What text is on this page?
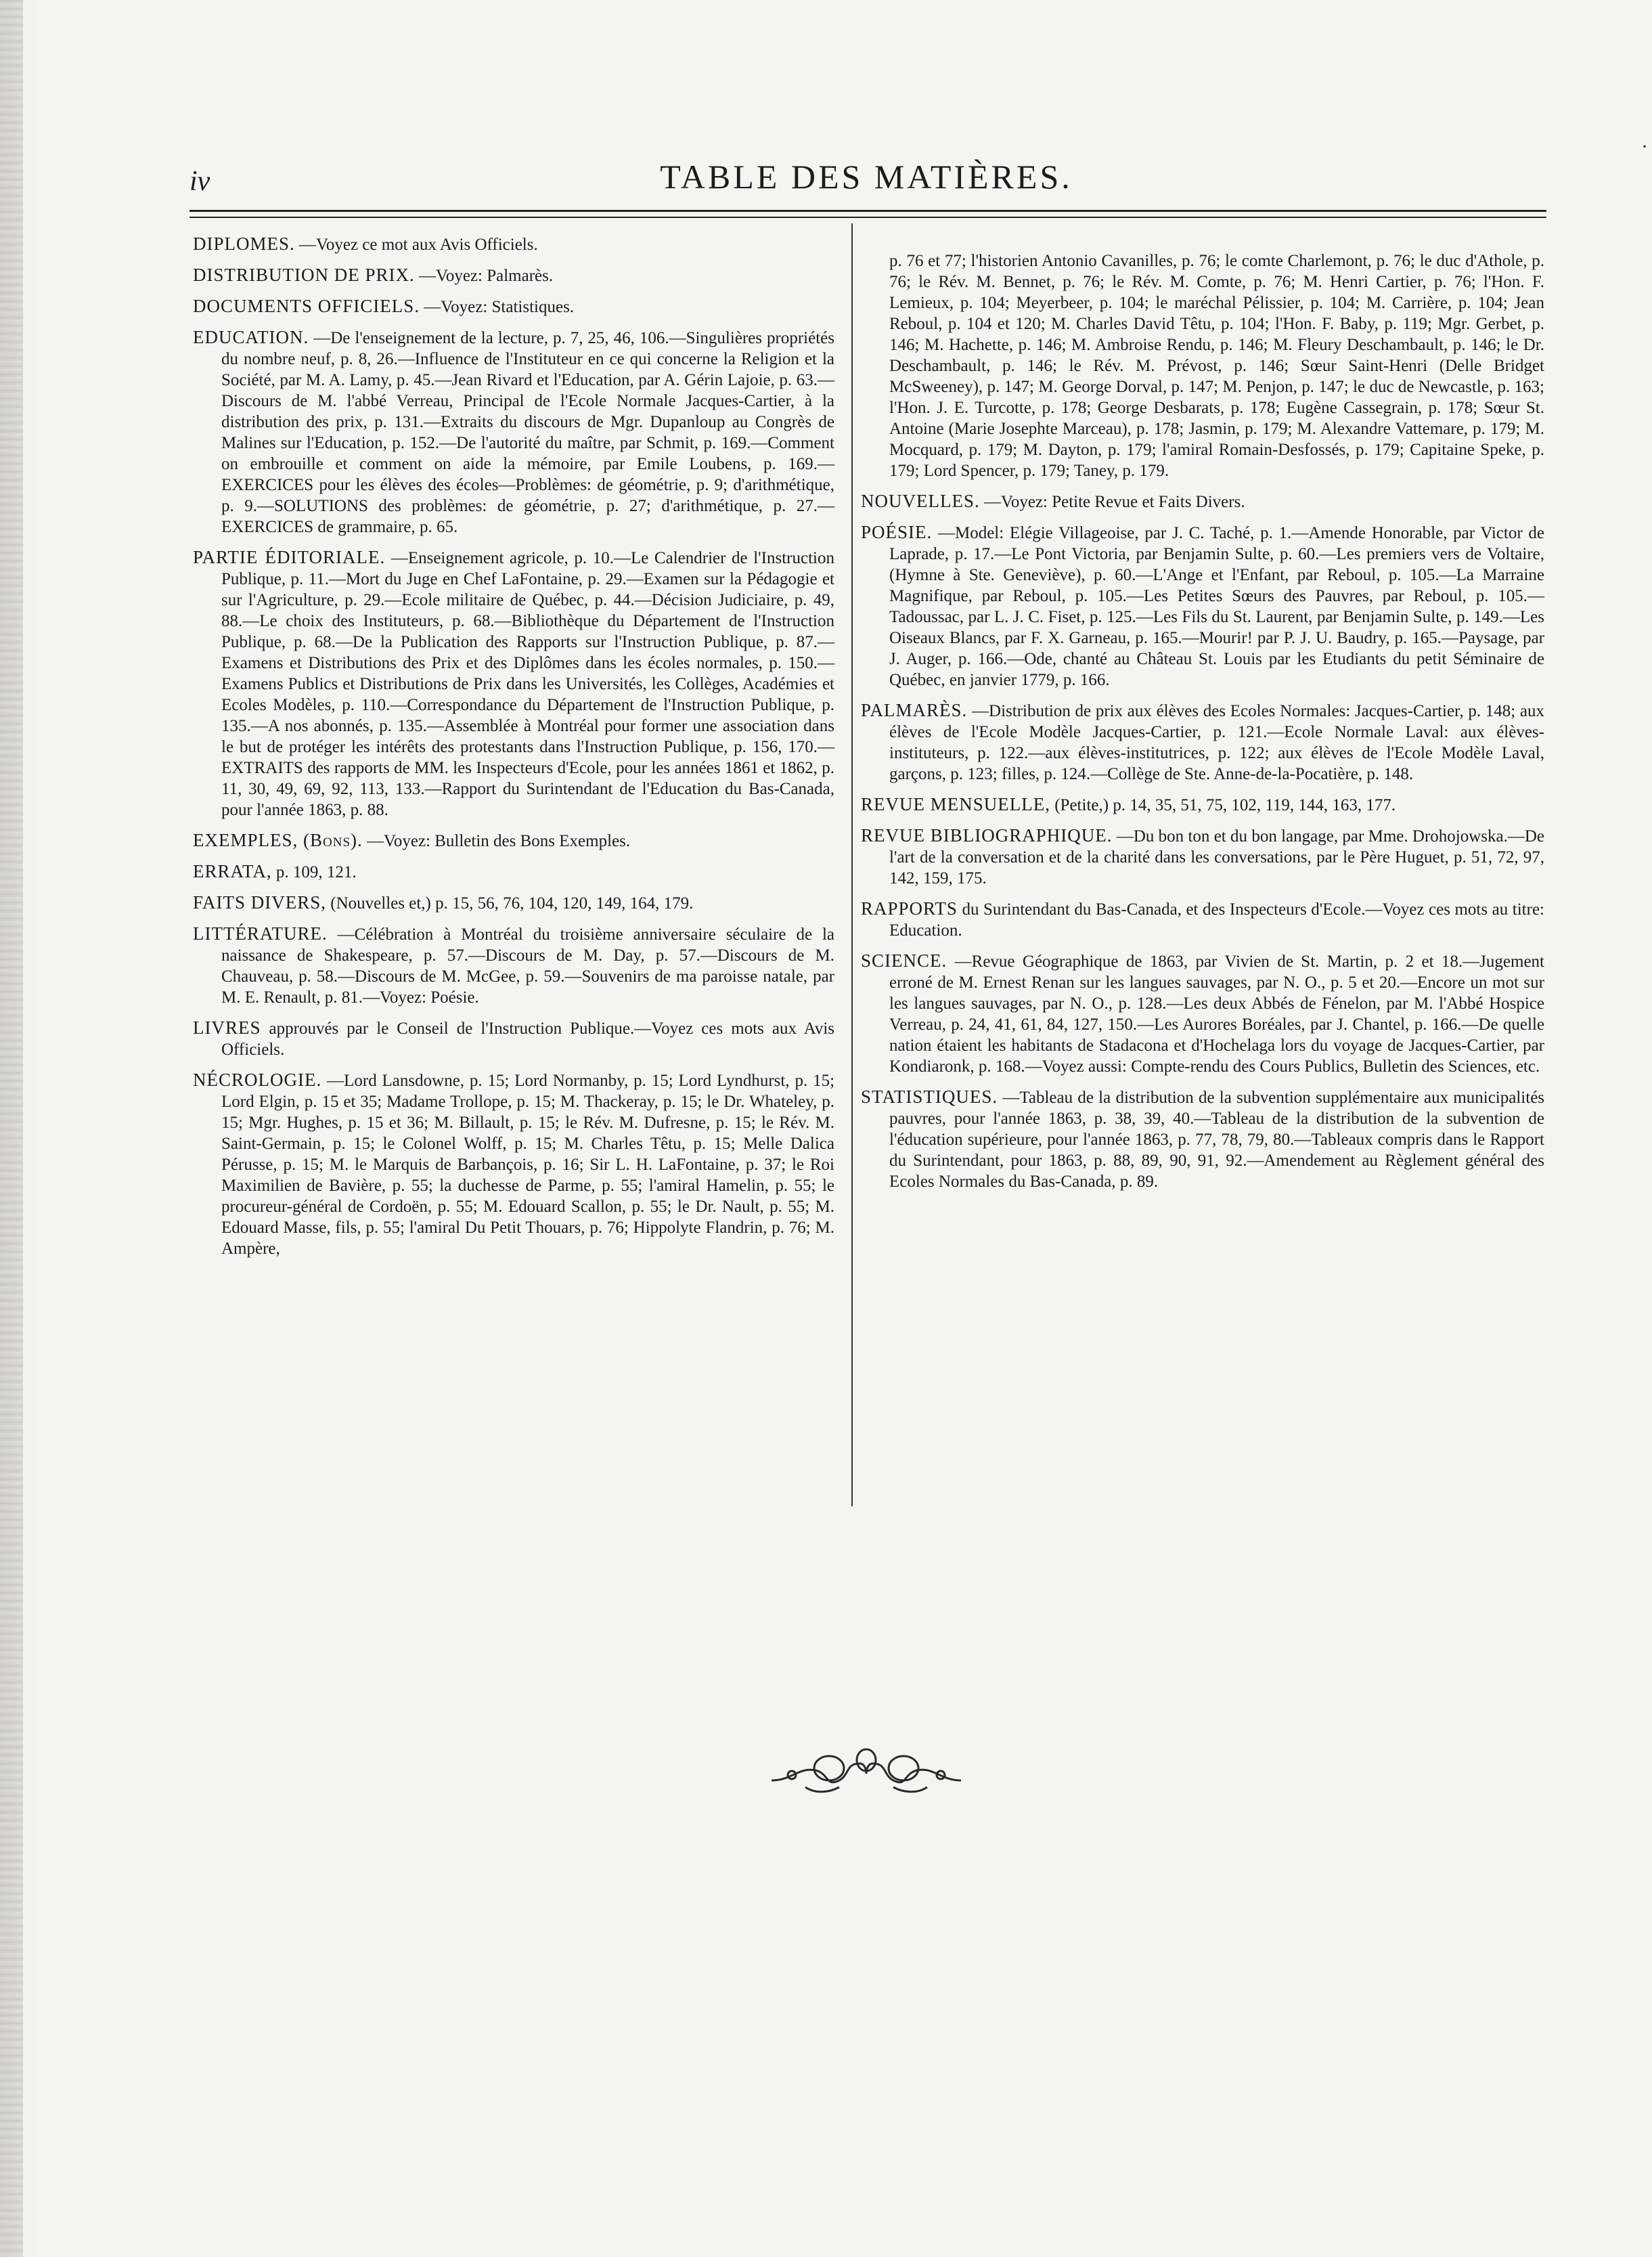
iv	TABLE DES MATIÈRES.

DIPLOMES. —Voyez ce mot aux Avis Officiels.

DISTRIBUTION DE PRIX. —Voyez: Palmarès.

DOCUMENTS OFFICIELS. —Voyez: Statistiques.

EDUCATION. —De l'enseignement de la lecture, p. 7, 25, 46, 106.—Singulières propriétés du nombre neuf, p. 8, 26.—Influence de l'Instituteur en ce qui concerne la Religion et la Société, par M. A. Lamy, p. 45.—Jean Rivard et l'Education, par A. Gérin Lajoie, p. 63.—Discours de M. l'abbé Verreau, Principal de l'Ecole Normale Jacques-Cartier, à la distribution des prix, p. 131.—Extraits du discours de Mgr. Dupanloup au Congrès de Malines sur l'Education, p. 152.—De l'autorité du maître, par Schmit, p. 169.—Comment on embrouille et comment on aide la mémoire, par Emile Loubens, p. 169.—EXERCICES pour les élèves des écoles—Problèmes: de géométrie, p. 9; d'arithmétique, p. 9.—SOLUTIONS des problèmes: de géométrie, p. 27; d'arithmétique, p. 27.—EXERCICES de grammaire, p. 65.

PARTIE ÉDITORIALE. —Enseignement agricole, p. 10.—Le Calendrier de l'Instruction Publique, p. 11.—Mort du Juge en Chef LaFontaine, p. 29.—Examen sur la Pédagogie et sur l'Agriculture, p. 29.—Ecole militaire de Québec, p. 44.—Décision Judiciaire, p. 49, 88.—Le choix des Instituteurs, p. 68.—Bibliothèque du Département de l'Instruction Publique, p. 68.—De la Publication des Rapports sur l'Instruction Publique, p. 87.—Examens et Distributions des Prix et des Diplômes dans les écoles normales, p. 150.—Examens Publics et Distributions de Prix dans les Universités, les Collèges, Académies et Ecoles Modèles, p. 110.—Correspondance du Département de l'Instruction Publique, p. 135.—A nos abonnés, p. 135.—Assemblée à Montréal pour former une association dans le but de protéger les intérêts des protestants dans l'Instruction Publique, p. 156, 170.—EXTRAITS des rapports de MM. les Inspecteurs d'Ecole, pour les années 1861 et 1862, p. 11, 30, 49, 69, 92, 113, 133.—Rapport du Surintendant de l'Education du Bas-Canada, pour l'année 1863, p. 88.

EXEMPLES, (Bons). —Voyez: Bulletin des Bons Exemples.

ERRATA, p. 109, 121.

FAITS DIVERS, (Nouvelles et,) p. 15, 56, 76, 104, 120, 149, 164, 179.

LITTÉRATURE. —Célébration à Montréal du troisième anniversaire séculaire de la naissance de Shakespeare, p. 57.—Discours de M. Day, p. 57.—Discours de M. Chauveau, p. 58.—Discours de M. McGee, p. 59.—Souvenirs de ma paroisse natale, par M. E. Renault, p. 81.—Voyez: Poésie.

LIVRES approuvés par le Conseil de l'Instruction Publique.—Voyez ces mots aux Avis Officiels.

NÉCROLOGIE. —Lord Lansdowne, p. 15; Lord Normanby, p. 15; Lord Lyndhurst, p. 15; Lord Elgin, p. 15 et 35; Madame Trollope, p. 15; M. Thackeray, p. 15; le Dr. Whateley, p. 15; Mgr. Hughes, p. 15 et 36; M. Billault, p. 15; le Rév. M. Dufresne, p. 15; le Rév. M. Saint-Germain, p. 15; le Colonel Wolff, p. 15; M. Charles Têtu, p. 15; Melle Dalica Pérusse, p. 15; M. le Marquis de Barbançois, p. 16; Sir L. H. LaFontaine, p. 37; le Roi Maximilien de Bavière, p. 55; la duchesse de Parme, p. 55; l'amiral Hamelin, p. 55; le procureur-général de Cordoën, p. 55; M. Edouard Scallon, p. 55; le Dr. Nault, p. 55; M. Edouard Masse, fils, p. 55; l'amiral Du Petit Thouars, p. 76; Hippolyte Flandrin, p. 76; M. Ampère,

p. 76 et 77; l'historien Antonio Cavanilles, p. 76; le comte Charlemont, p. 76; le duc d'Athole, p. 76; le Rév. M. Bennet, p. 76; le Rév. M. Comte, p. 76; M. Henri Cartier, p. 76; l'Hon. F. Lemieux, p. 104; Meyerbeer, p. 104; le maréchal Pélissier, p. 104; M. Carrière, p. 104; Jean Reboul, p. 104 et 120; M. Charles David Têtu, p. 104; l'Hon. F. Baby, p. 119; Mgr. Gerbet, p. 146; M. Hachette, p. 146; M. Ambroise Rendu, p. 146; M. Fleury Deschambault, p. 146; le Dr. Deschambault, p. 146; le Rév. M. Prévost, p. 146; Sœur Saint-Henri (Delle Bridget McSweeney), p. 147; M. George Dorval, p. 147; M. Penjon, p. 147; le duc de Newcastle, p. 163; l'Hon. J. E. Turcotte, p. 178; George Desbarats, p. 178; Eugène Cassegrain, p. 178; Sœur St. Antoine (Marie Josephte Marceau), p. 178; Jasmin, p. 179; M. Alexandre Vattemare, p. 179; M. Mocquard, p. 179; M. Dayton, p. 179; l'amiral Romain-Desfossés, p. 179; Capitaine Speke, p. 179; Lord Spencer, p. 179; Taney, p. 179.

NOUVELLES. —Voyez: Petite Revue et Faits Divers.

POÉSIE. —Model: Elégie Villageoise, par J. C. Taché, p. 1.—Amende Honorable, par Victor de Laprade, p. 17.—Le Pont Victoria, par Benjamin Sulte, p. 60.—Les premiers vers de Voltaire, (Hymne à Ste. Geneviève), p. 60.—L'Ange et l'Enfant, par Reboul, p. 105.—La Marraine Magnifique, par Reboul, p. 105.—Les Petites Sœurs des Pauvres, par Reboul, p. 105.—Tadoussac, par L. J. C. Fiset, p. 125.—Les Fils du St. Laurent, par Benjamin Sulte, p. 149.—Les Oiseaux Blancs, par F. X. Garneau, p. 165.—Mourir! par P. J. U. Baudry, p. 165.—Paysage, par J. Auger, p. 166.—Ode, chanté au Château St. Louis par les Etudiants du petit Séminaire de Québec, en janvier 1779, p. 166.

PALMARÈS. —Distribution de prix aux élèves des Ecoles Normales: Jacques-Cartier, p. 148; aux élèves de l'Ecole Modèle Jacques-Cartier, p. 121.—Ecole Normale Laval: aux élèves-instituteurs, p. 122.—aux élèves-institutrices, p. 122; aux élèves de l'Ecole Modèle Laval, garçons, p. 123; filles, p. 124.—Collège de Ste. Anne-de-la-Pocatière, p. 148.

REVUE MENSUELLE, (Petite,) p. 14, 35, 51, 75, 102, 119, 144, 163, 177.

REVUE BIBLIOGRAPHIQUE. —Du bon ton et du bon langage, par Mme. Drohojowska.—De l'art de la conversation et de la charité dans les conversations, par le Père Huguet, p. 51, 72, 97, 142, 159, 175.

RAPPORTS du Surintendant du Bas-Canada, et des Inspecteurs d'Ecole.—Voyez ces mots au titre: Education.

SCIENCE. —Revue Géographique de 1863, par Vivien de St. Martin, p. 2 et 18.—Jugement erroné de M. Ernest Renan sur les langues sauvages, par N. O., p. 5 et 20.—Encore un mot sur les langues sauvages, par N. O., p. 128.—Les deux Abbés de Fénelon, par M. l'Abbé Hospice Verreau, p. 24, 41, 61, 84, 127, 150.—Les Aurores Boréales, par J. Chantel, p. 166.—De quelle nation étaient les habitants de Stadacona et d'Hochelaga lors du voyage de Jacques-Cartier, par Kondiaronk, p. 168.—Voyez aussi: Compte-rendu des Cours Publics, Bulletin des Sciences, etc.

STATISTIQUES. —Tableau de la distribution de la subvention supplémentaire aux municipalités pauvres, pour l'année 1863, p. 38, 39, 40.—Tableau de la distribution de la subvention de l'éducation supérieure, pour l'année 1863, p. 77, 78, 79, 80.—Tableaux compris dans le Rapport du Surintendant, pour 1863, p. 88, 89, 90, 91, 92.—Amendement au Règlement général des Ecoles Normales du Bas-Canada, p. 89.

·
